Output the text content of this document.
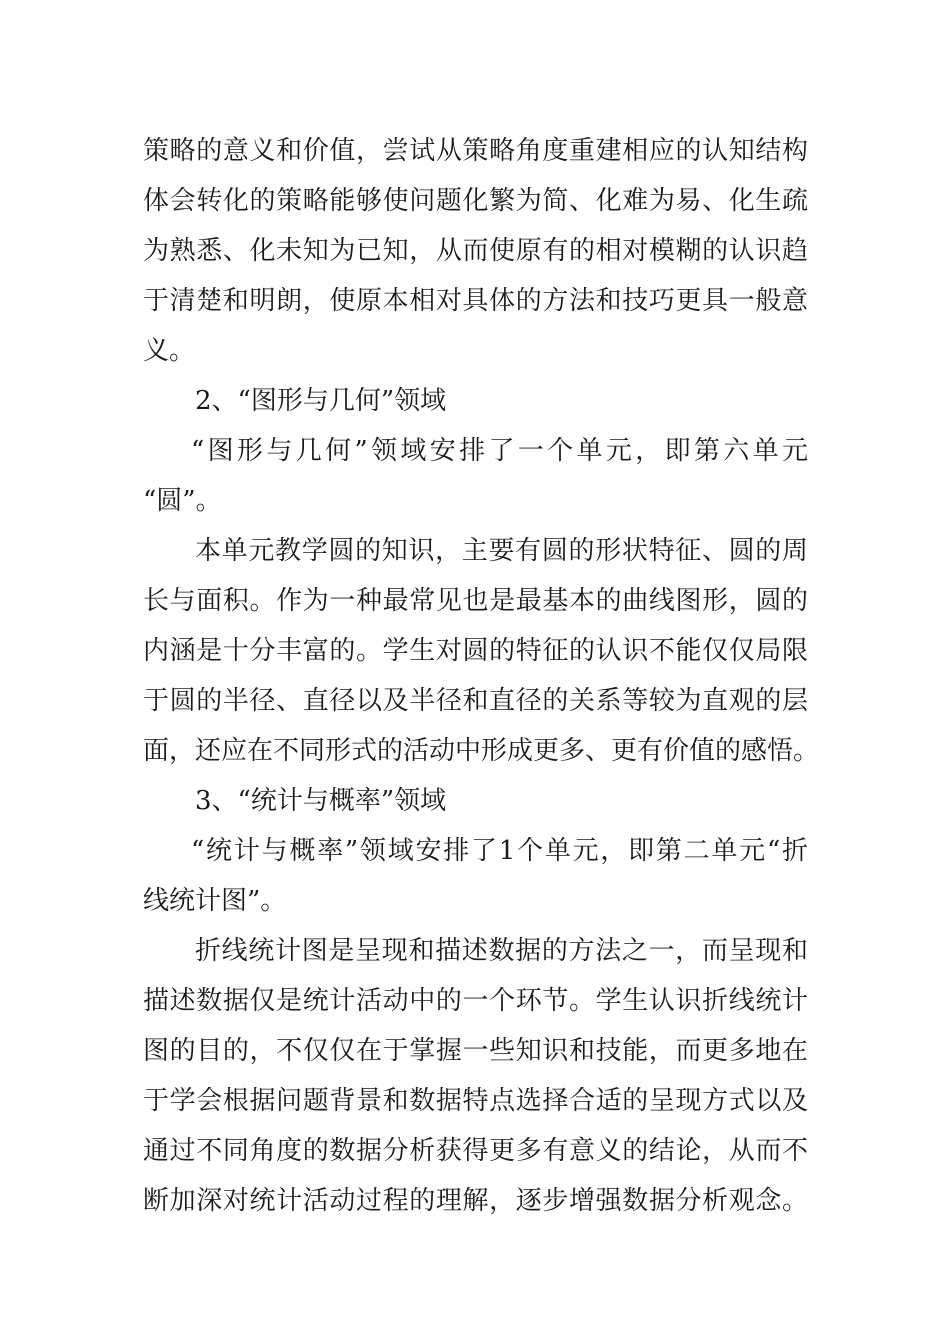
策略的意义和价值，尝试从策略角度重建相应的认知结构
体会转化的策略能够使问题化繁为简、化难为易、化生疏
为熟悉、化未知为已知，从而使原有的相对模糊的认识趋
于清楚和明朗，使原本相对具体的方法和技巧更具一般意
义。
2、“图形与几何”领域
“图形与几何”领域安排了一个单元，即第六单元
“圆”。
本单元教学圆的知识，主要有圆的形状特征、圆的周
长与面积。作为一种最常见也是最基本的曲线图形，圆的
内涵是十分丰富的。学生对圆的特征的认识不能仅仅局限
于圆的半径、直径以及半径和直径的关系等较为直观的层
面，还应在不同形式的活动中形成更多、更有价值的感悟。
3、“统计与概率”领域
“统计与概率”领域安排了1个单元，即第二单元“折
线统计图”。
折线统计图是呈现和描述数据的方法之一，而呈现和
描述数据仅是统计活动中的一个环节。学生认识折线统计
图的目的，不仅仅在于掌握一些知识和技能，而更多地在
于学会根据问题背景和数据特点选择合适的呈现方式以及
通过不同角度的数据分析获得更多有意义的结论，从而不
断加深对统计活动过程的理解，逐步增强数据分析观念。
